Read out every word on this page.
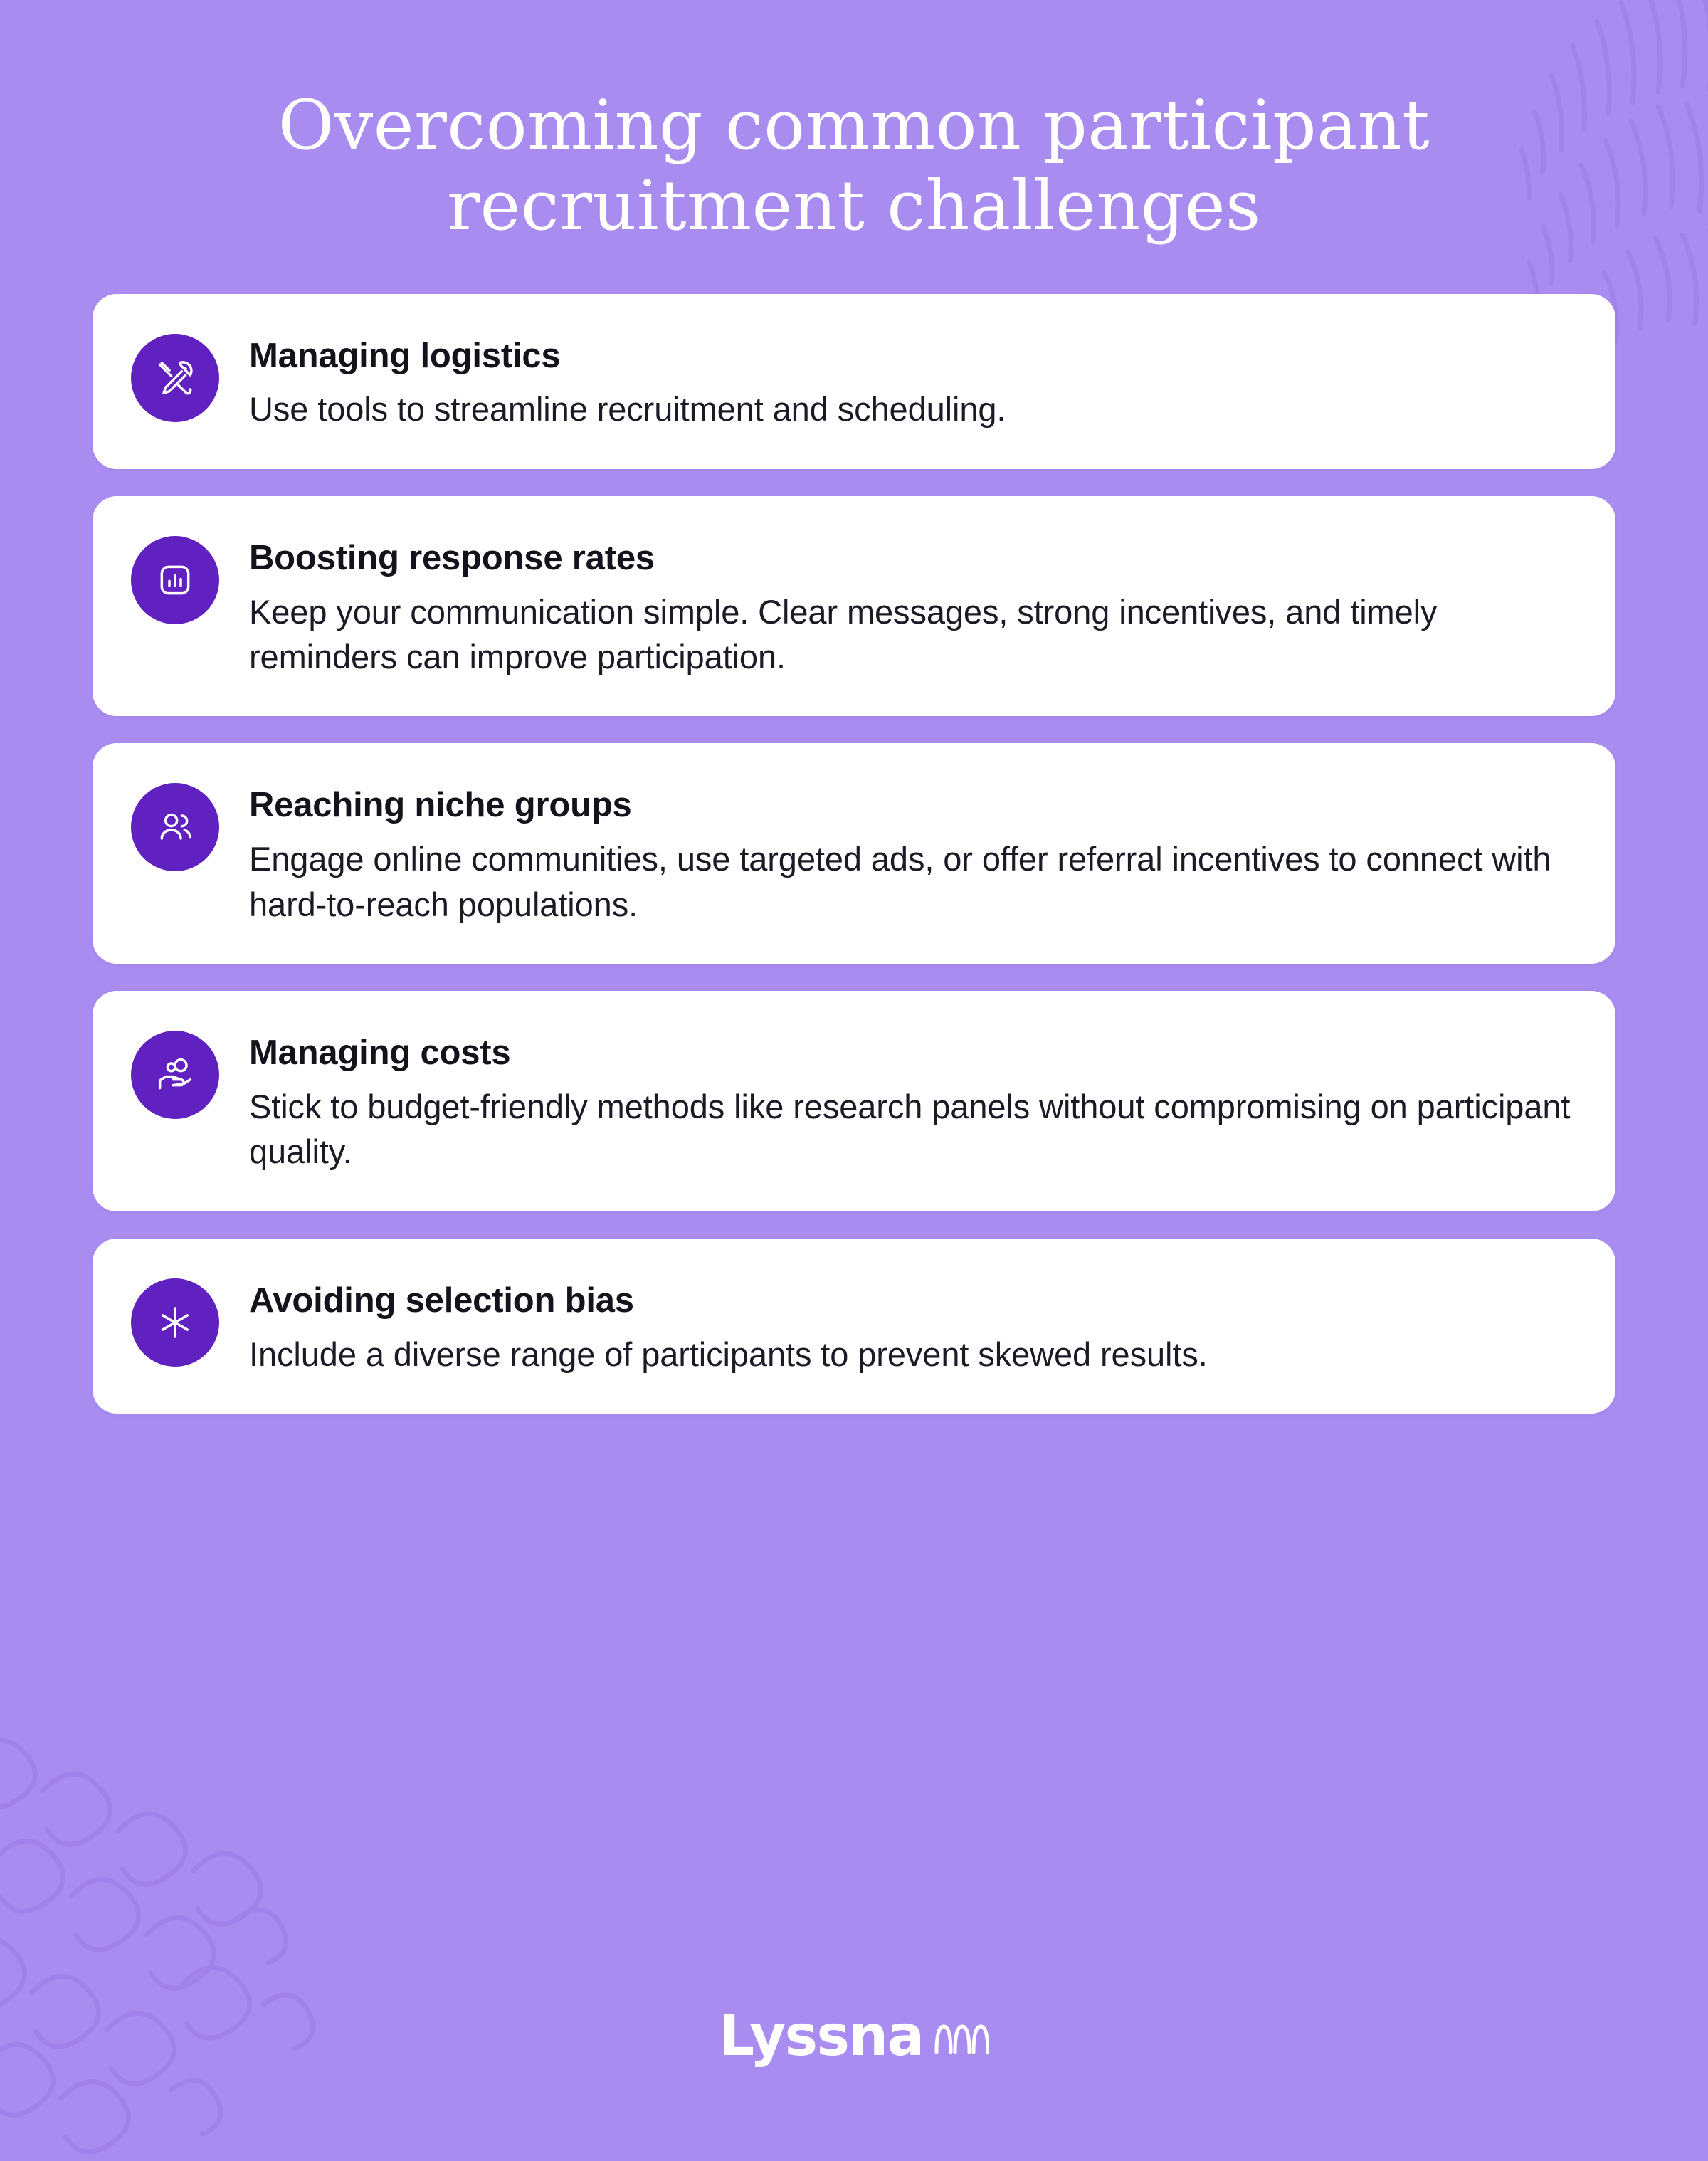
Overcoming common participant recruitment challenges
Managing logistics
Use tools to streamline recruitment and scheduling.
Boosting response rates
Keep your communication simple. Clear messages, strong incentives, and timely reminders can improve participation.
Reaching niche groups
Engage online communities, use targeted ads, or offer referral incentives to connect with hard-to-reach populations.
Managing costs
Stick to budget-friendly methods like research panels without compromising on participant quality.
Avoiding selection bias
Include a diverse range of participants to prevent skewed results.
Lyssna
